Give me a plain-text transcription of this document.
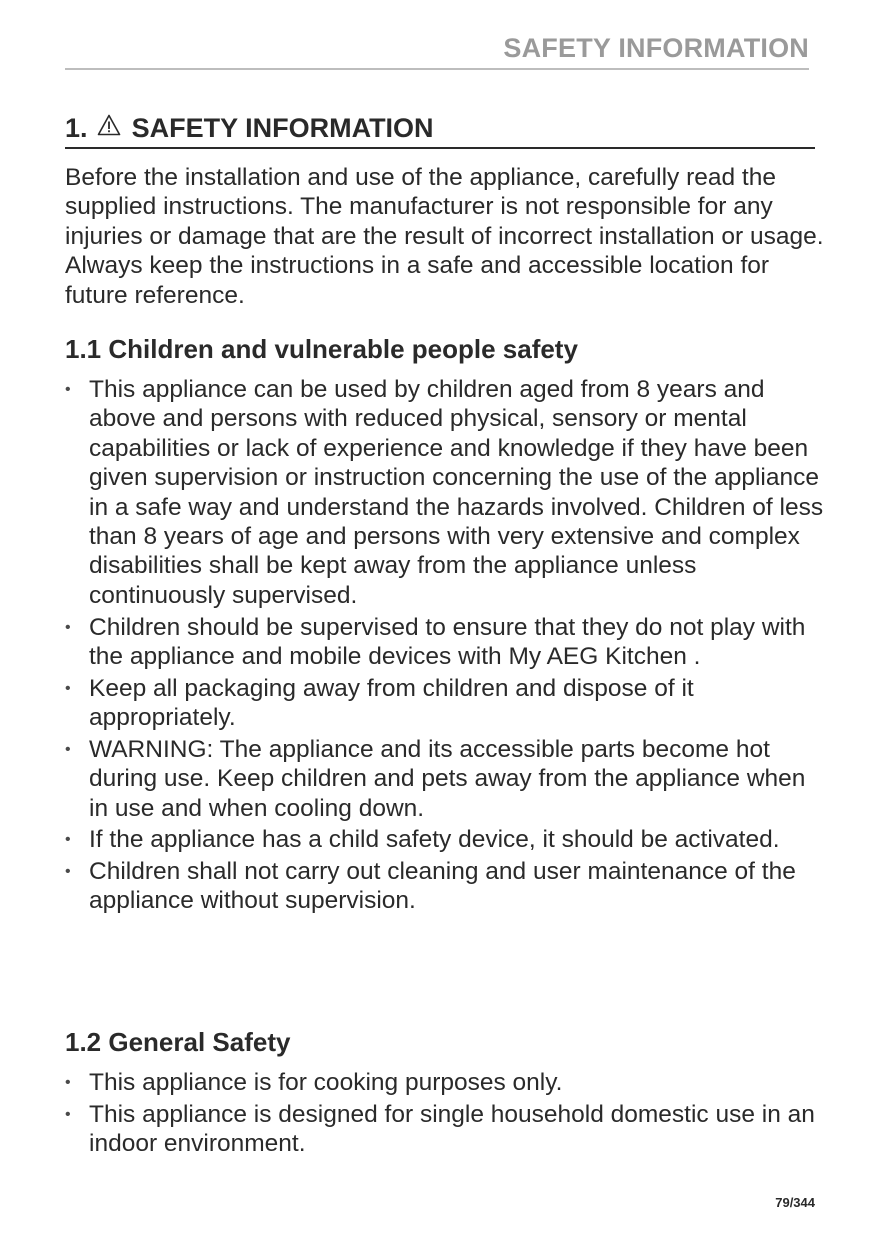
SAFETY INFORMATION
1. SAFETY INFORMATION

Before the installation and use of the appliance, carefully read the supplied instructions. The manufacturer is not responsible for any injuries or damage that are the result of incorrect installation or usage. Always keep the instructions in a safe and accessible location for future reference.

1.1 Children and vulnerable people safety
• This appliance can be used by children aged from 8 years and above and persons with reduced physical, sensory or mental capabilities or lack of experience and knowledge if they have been given supervision or instruction concerning the use of the appliance in a safe way and understand the hazards involved. Children of less than 8 years of age and persons with very extensive and complex disabilities shall be kept away from the appliance unless continuously supervised.
• Children should be supervised to ensure that they do not play with the appliance and mobile devices with My AEG Kitchen .
• Keep all packaging away from children and dispose of it appropriately.
• WARNING: The appliance and its accessible parts become hot during use. Keep children and pets away from the appliance when in use and when cooling down.
• If the appliance has a child safety device, it should be activated.
• Children shall not carry out cleaning and user maintenance of the appliance without supervision.
1.2 General Safety
• This appliance is for cooking purposes only.
• This appliance is designed for single household domestic use in an indoor environment.
79/344
